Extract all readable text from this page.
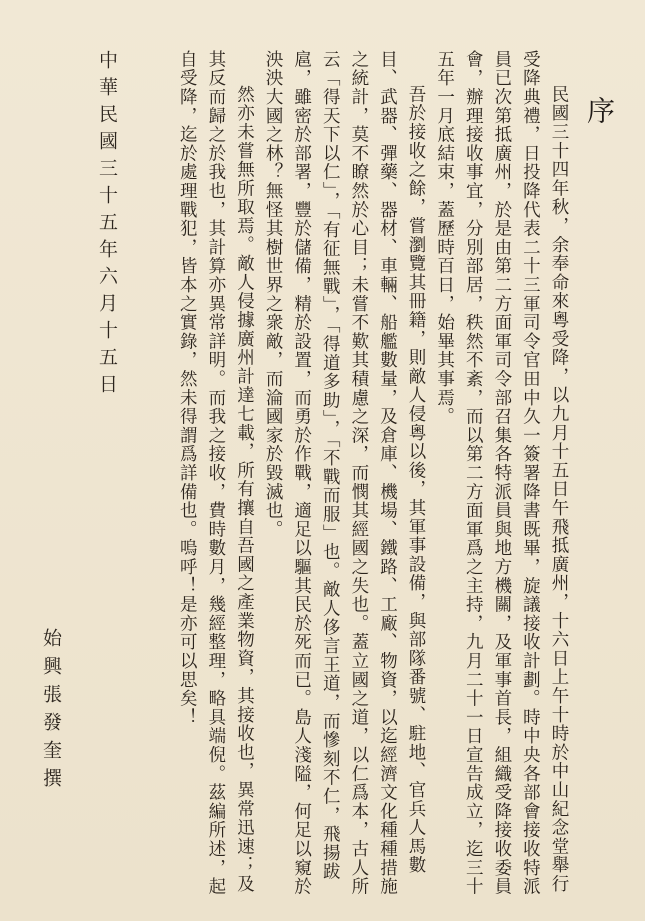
序

民國三十四年秋，余奉命來粵受降，以九月十五日午飛抵廣州，十六日上午十時於中山紀念堂舉行受降典禮，日投降代表二十三軍司令官田中久一簽署降書既畢，旋議接收計劃。時中央各部會接收特派員已次第抵廣州，於是由第二方面軍司令部召集各特派員與地方機關，及軍事首長，組織受降接收委員會，辦理接收事宜，分別部居，秩然不紊，而以第二方面軍爲之主持，九月二十一日宣告成立，迄三十五年一月底結束，蓋歷時百日，始畢其事焉。

吾於接收之餘，嘗瀏覽其冊籍，則敵人侵粵以後，其軍事設備，與部隊番號、駐地、官兵人馬數目、武器、彈藥、器材、車輛、船艦數量，及倉庫、機場、鐵路、工廠、物資，以迄經濟文化種種措施之統計，莫不瞭然於心目；未嘗不歎其積慮之深，而憫其經國之失也。蓋立國之道，以仁爲本，古人所云「得天下以仁」，「有征無戰」，「得道多助」，「不戰而服」也。敵人侈言王道，而慘刻不仁，飛揚跋扈，雖密於部署，豐於儲備，精於設置，而勇於作戰，適足以驅其民於死而已。島人淺隘，何足以窺於泱泱大國之林？無怪其樹世界之衆敵，而淪國家於毀滅也。

然亦未嘗無所取焉。敵人侵據廣州計達七載，所有攘自吾國之產業物資，其接收也，異常迅速；及其反而歸之於我也，其計算亦異常詳明。而我之接收，費時數月，幾經整理，略具端倪。茲編所述，起自受降，迄於處理戰犯，皆本之實錄，然未得謂爲詳備也。嗚呼！是亦可以思矣！

中華民國三十五年六月十五日
始興張發奎撰
